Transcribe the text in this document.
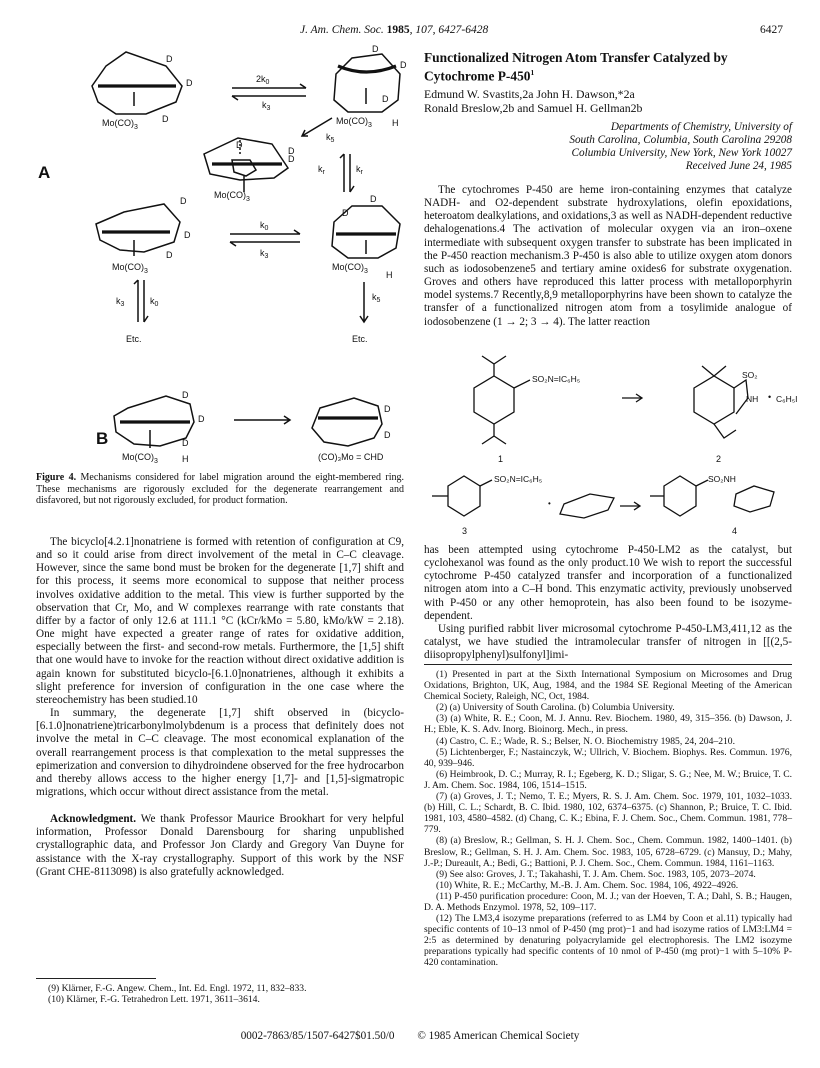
J. Am. Chem. Soc. 1985, 107, 6427-6428	6427
A
D
D
D
$Mo(CO)_3$
$2k_0$
$k_3$
D
D
D
H
$Mo(CO)_3$
$k_5$
D
D
D
$Mo(CO)_3$
$k_r$	$k_r$
D
D
D
$Mo(CO)_3$
$k_0$
$k_3$
D
D
H
$Mo(CO)_3$
$k_3$	$k_0$
Etc.
$k_5$
Etc.
B
D
D
D
H
$Mo(CO)_3$
D
D
(CO)₃Mo = CHD
Figure 4. Mechanisms considered for label migration around the eight-membered ring. These mechanisms are rigorously excluded for the degenerate rearrangement and disfavored, but not rigorously excluded, for product formation.

The bicyclo[4.2.1]nonatriene is formed with retention of configuration at C9, and so it could arise from direct involvement of the metal in C–C cleavage. However, since the same bond must be broken for the degenerate [1,7] shift and for this process, it seems more economical to suppose that neither process involves oxidative addition to the metal. This view is further supported by the observation that Cr, Mo, and W complexes rearrange with rate constants that differ by a factor of only 12.6 at 111.1 °C (kCr/kMo = 5.80, kMo/kW = 2.18). One might have expected a greater range of rates for oxidative addition, especially between the first- and second-row metals. Furthermore, the [1,5] shift that one would have to invoke for the reaction without direct oxidative addition is again known for substituted bicyclo-[6.1.0]nonatrienes, although it exhibits a slight preference for inversion of configuration in the one case where the stereochemistry has been studied.10

In summary, the degenerate [1,7] shift observed in (bicyclo-[6.1.0]nonatriene)tricarbonylmolybdenum is a process that definitely does not involve the metal in C–C cleavage. The most economical explanation of the overall rearrangement process is that complexation to the metal suppresses the epimerization and conversion to dihydroindene observed for the free hydrocarbon and thereby allows access to the higher energy [1,7]- and [1,5]-sigmatropic migrations, which occur without direct assistance from the metal.

Acknowledgment. We thank Professor Maurice Brookhart for very helpful information, Professor Donald Darensbourg for sharing unpublished crystallographic data, and Professor Jon Clardy and Gregory Van Duyne for assistance with the X-ray crystallography. Support of this work by the NSF (Grant CHE-8113098) is also gratefully acknowledged.

(9) Klärner, F.-G. Angew. Chem., Int. Ed. Engl. 1972, 11, 832–833.
(10) Klärner, F.-G. Tetrahedron Lett. 1971, 3611–3614.
Functionalized Nitrogen Atom Transfer Catalyzed by Cytochrome $P-450^1$
Edmund W. Svastits,2a John H. Dawson,*2a
Ronald Breslow,2b and Samuel H. Gellman2b
Departments of Chemistry, University of
South Carolina, Columbia, South Carolina 29208
Columbia University, New York, New York 10027
Received June 24, 1985

The cytochromes P-450 are heme iron-containing enzymes that catalyze NADH- and O2-dependent substrate hydroxylations, olefin epoxidations, heteroatom dealkylations, and oxidations,3 as well as NADH-dependent reductive dehalogenations.4 The activation of molecular oxygen via an iron–oxene intermediate with subsequent oxygen transfer to substrate has been implicated in the P-450 reaction mechanism.3 P-450 is also able to utilize oxygen atom donors such as iodosobenzene5 and tertiary amine oxides6 for substrate oxygenation. Groves and others have reproduced this latter process with metalloporphyrin model systems.7 Recently,8,9 metalloporphyrins have been shown to catalyze the transfer of a functionalized nitrogen atom from a tosylimide analogue of iodosobenzene (1 → 2; 3 → 4). The latter reaction

SO₂N=IC₆H₅
1
SO₂
NH
2
• C₆H₅I
SO₂N=IC₆H₅
3
•
SO₂NH
4

has been attempted using cytochrome P-450-LM2 as the catalyst, but cyclohexanol was found as the only product.10 We wish to report the successful cytochrome P-450 catalyzed transfer and incorporation of a functionalized nitrogen atom into a C–H bond. This enzymatic activity, previously unobserved with P-450 or any other hemoprotein, has also been found to be isozyme-dependent.

Using purified rabbit liver microsomal cytochrome P-450-LM3,411,12 as the catalyst, we have studied the intramolecular transfer of nitrogen in [[(2,5-diisopropylphenyl)sulfonyl]imi-

(1) Presented in part at the Sixth International Symposium on Microsomes and Drug Oxidations, Brighton, UK, Aug, 1984, and the 1984 SE Regional Meeting of the American Chemical Society, Raleigh, NC, Oct, 1984.
(2) (a) University of South Carolina. (b) Columbia University.
(3) (a) White, R. E.; Coon, M. J. Annu. Rev. Biochem. 1980, 49, 315–356. (b) Dawson, J. H.; Eble, K. S. Adv. Inorg. Bioinorg. Mech., in press.
(4) Castro, C. E.; Wade, R. S.; Belser, N. O. Biochemistry 1985, 24, 204–210.
(5) Lichtenberger, F.; Nastainczyk, W.; Ullrich, V. Biochem. Biophys. Res. Commun. 1976, 40, 939–946.
(6) Heimbrook, D. C.; Murray, R. I.; Egeberg, K. D.; Sligar, S. G.; Nee, M. W.; Bruice, T. C. J. Am. Chem. Soc. 1984, 106, 1514–1515.
(7) (a) Groves, J. T.; Nemo, T. E.; Myers, R. S. J. Am. Chem. Soc. 1979, 101, 1032–1033. (b) Hill, C. L.; Schardt, B. C. Ibid. 1980, 102, 6374–6375. (c) Shannon, P.; Bruice, T. C. Ibid. 1981, 103, 4580–4582. (d) Chang, C. K.; Ebina, F. J. Chem. Soc., Chem. Commun. 1981, 778–779.
(8) (a) Breslow, R.; Gellman, S. H. J. Chem. Soc., Chem. Commun. 1982, 1400–1401. (b) Breslow, R.; Gellman, S. H. J. Am. Chem. Soc. 1983, 105, 6728–6729. (c) Mansuy, D.; Mahy, J.-P.; Dureault, A.; Bedi, G.; Battioni, P. J. Chem. Soc., Chem. Commun. 1984, 1161–1163.
(9) See also: Groves, J. T.; Takahashi, T. J. Am. Chem. Soc. 1983, 105, 2073–2074.
(10) White, R. E.; McCarthy, M.-B. J. Am. Chem. Soc. 1984, 106, 4922–4926.
(11) P-450 purification procedure: Coon, M. J.; van der Hoeven, T. A.; Dahl, S. B.; Haugen, D. A. Methods Enzymol. 1978, 52, 109–117.
(12) The LM3,4 isozyme preparations (referred to as LM4 by Coon et al.11) typically had specific contents of 10–13 nmol of P-450 (mg prot)−1 and had isozyme ratios of LM3:LM4 = 2:5 as determined by denaturing polyacrylamide gel electrophoresis. The LM2 isozyme preparations typically had specific contents of 10 nmol of P-450 (mg prot)−1 with 5–10% P-420 contamination.
0002-7863/85/1507-6427$01.50/0 © 1985 American Chemical Society
